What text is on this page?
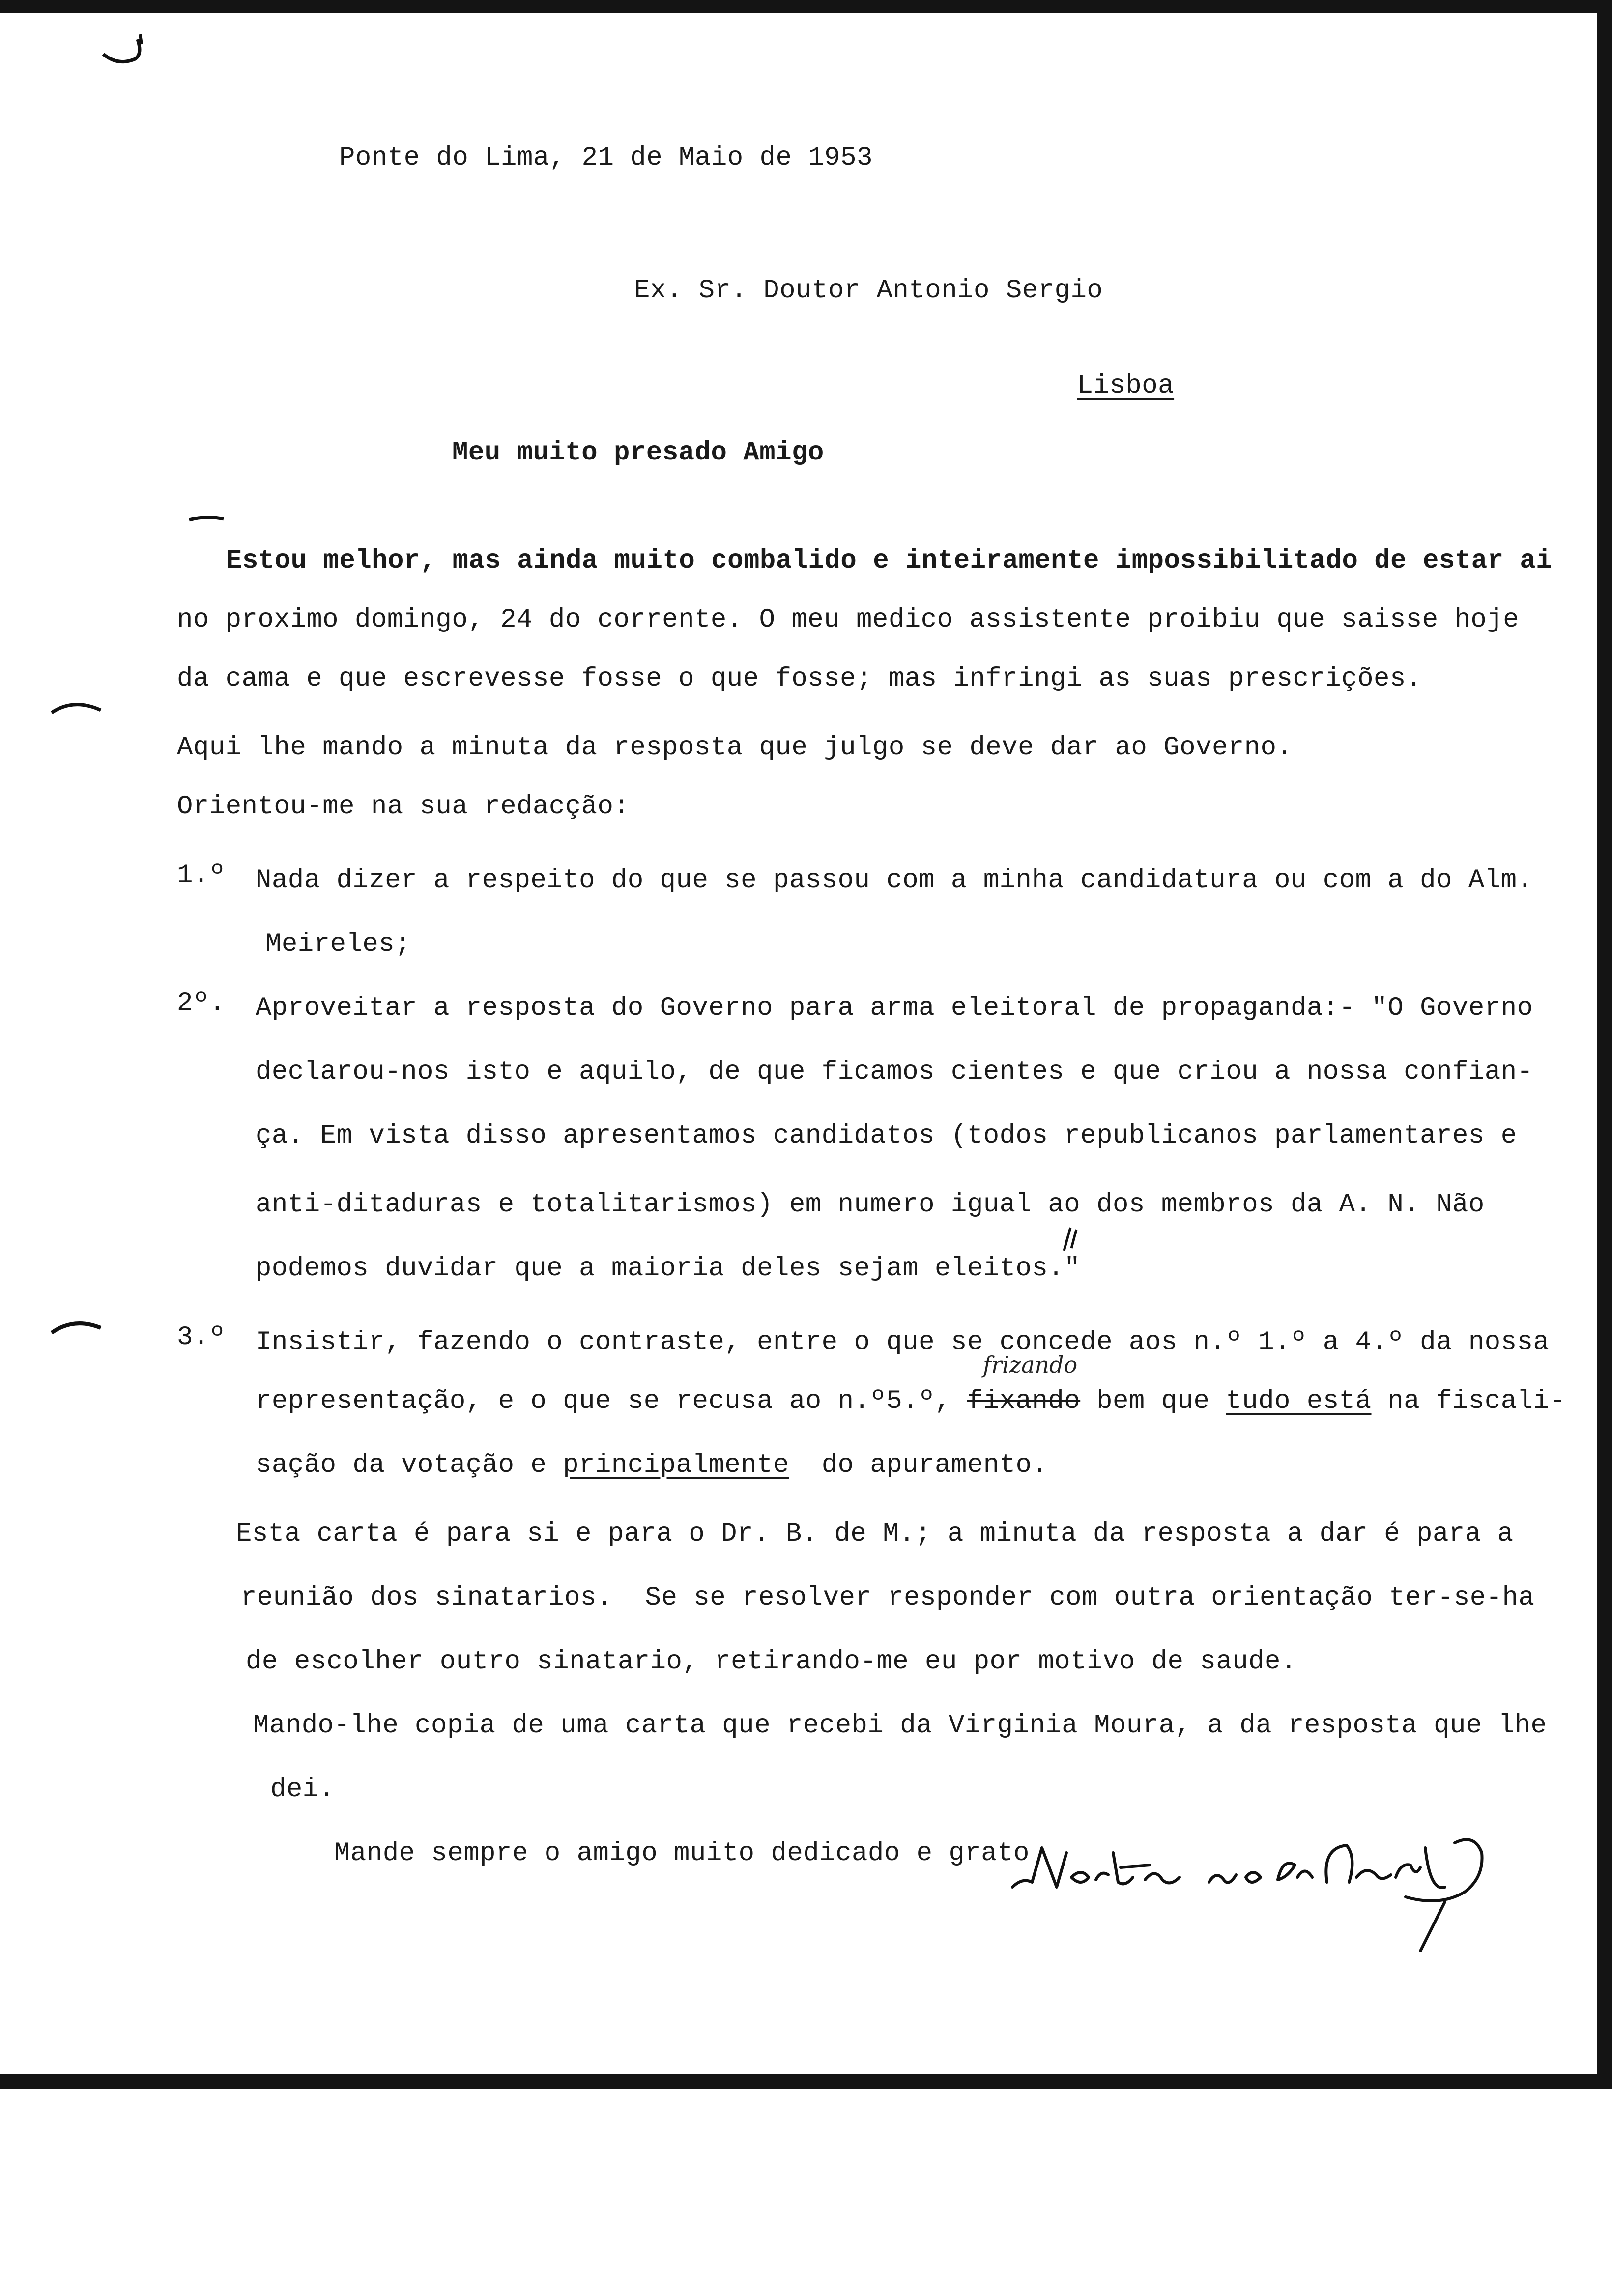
Ponte do Lima, 21 de Maio de 1953
Ex. Sr. Doutor Antonio Sergio

Lisboa

Meu muito presado Amigo
Estou melhor, mas ainda muito combalido e inteiramente impossibilitado de estar ai
no proximo domingo, 24 do corrente. O meu medico assistente proibiu que saisse hoje
da cama e que escrevesse fosse o que fosse; mas infringi as suas prescrições.
Aqui lhe mando a minuta da resposta que julgo se deve dar ao Governo.
Orientou-me na sua redacção:
1.º Nada dizer a respeito do que se passou com a minha candidatura ou com a do Alm.
Meireles;
2º. Aproveitar a resposta do Governo para arma eleitoral de propaganda:- "O Governo
declarou-nos isto e aquilo, de que ficamos cientes e que criou a nossa confian-
ça. Em vista disso apresentamos candidatos (todos republicanos parlamentares e
anti-ditaduras e totalitarismos) em numero igual ao dos membros da A. N. Não
podemos duvidar que a maioria deles sejam eleitos."
3.º Insistir, fazendo o contraste, entre o que se concede aos n.º 1.º a 4.º da nossa
frizando
representação, e o que se recusa ao n.º5.º, fixando bem que tudo está na fiscali-
sação da votação e principalmente do apuramento.
Esta carta é para si e para o Dr. B. de M.; a minuta da resposta a dar é para a
reunião dos sinatarios.  Se se resolver responder com outra orientação ter-se-ha
de escolher outro sinatario, retirando-me eu por motivo de saude.
Mando-lhe copia de uma carta que recebi da Virginia Moura, a da resposta que lhe
dei.
Mande sempre o amigo muito dedicado e grato
